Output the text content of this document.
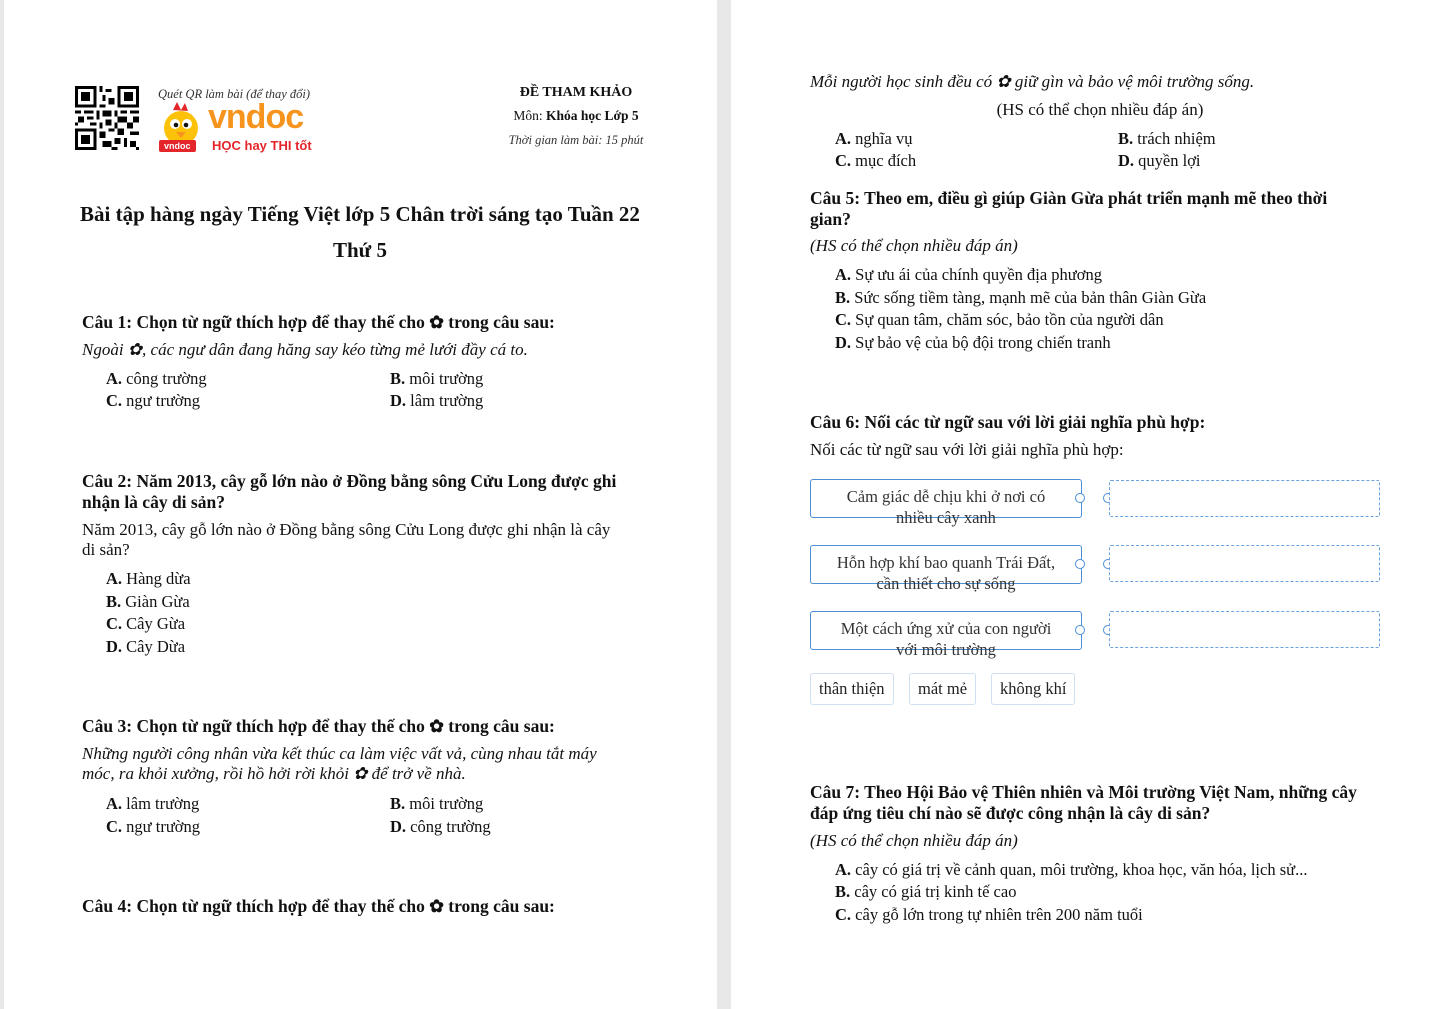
Quét QR làm bài (để thay đổi)
vndoc
vndoc	HỌC hay THI tốt
ĐỀ THAM KHẢO
Môn: Khóa học Lớp 5
Thời gian làm bài: 15 phút
Bài tập hàng ngày Tiếng Việt lớp 5 Chân trời sáng tạo Tuần 22
Thứ 5
Câu 1: Chọn từ ngữ thích hợp để thay thế cho ✿ trong câu sau:
Ngoài ✿, các ngư dân đang hăng say kéo từng mẻ lưới đầy cá to.
A. công trường	B. môi trường
C. ngư trường	D. lâm trường
Câu 2: Năm 2013, cây gỗ lớn nào ở Đồng bằng sông Cửu Long được ghi
nhận là cây di sản?
Năm 2013, cây gỗ lớn nào ở Đồng bằng sông Cửu Long được ghi nhận là cây
di sản?
A. Hàng dừa
B. Giàn Gừa
C. Cây Gừa
D. Cây Dừa
Câu 3: Chọn từ ngữ thích hợp để thay thế cho ✿ trong câu sau:
Những người công nhân vừa kết thúc ca làm việc vất vả, cùng nhau tắt máy
móc, ra khỏi xưởng, rồi hồ hởi rời khỏi ✿ để trở về nhà.
A. lâm trường	B. môi trường
C. ngư trường	D. công trường
Câu 4: Chọn từ ngữ thích hợp để thay thế cho ✿ trong câu sau:
Mỗi người học sinh đều có ✿ giữ gìn và bảo vệ môi trường sống.
(HS có thể chọn nhiều đáp án)
A. nghĩa vụ	B. trách nhiệm
C. mục đích	D. quyền lợi
Câu 5: Theo em, điều gì giúp Giàn Gừa phát triển mạnh mẽ theo thời
gian?
(HS có thể chọn nhiều đáp án)
A. Sự ưu ái của chính quyền địa phương
B. Sức sống tiềm tàng, mạnh mẽ của bản thân Giàn Gừa
C. Sự quan tâm, chăm sóc, bảo tồn của người dân
D. Sự bảo vệ của bộ đội trong chiến tranh
Câu 6: Nối các từ ngữ sau với lời giải nghĩa phù hợp:
Nối các từ ngữ sau với lời giải nghĩa phù hợp:
Cảm giác dễ chịu khi ở nơi có
nhiều cây xanh
Hỗn hợp khí bao quanh Trái Đất,
cần thiết cho sự sống
Một cách ứng xử của con người
với môi trường
thân thiện	mát mẻ	không khí
Câu 7: Theo Hội Bảo vệ Thiên nhiên và Môi trường Việt Nam, những cây
đáp ứng tiêu chí nào sẽ được công nhận là cây di sản?
(HS có thể chọn nhiều đáp án)
A. cây có giá trị về cảnh quan, môi trường, khoa học, văn hóa, lịch sử...
B. cây có giá trị kinh tế cao
C. cây gỗ lớn trong tự nhiên trên 200 năm tuổi
